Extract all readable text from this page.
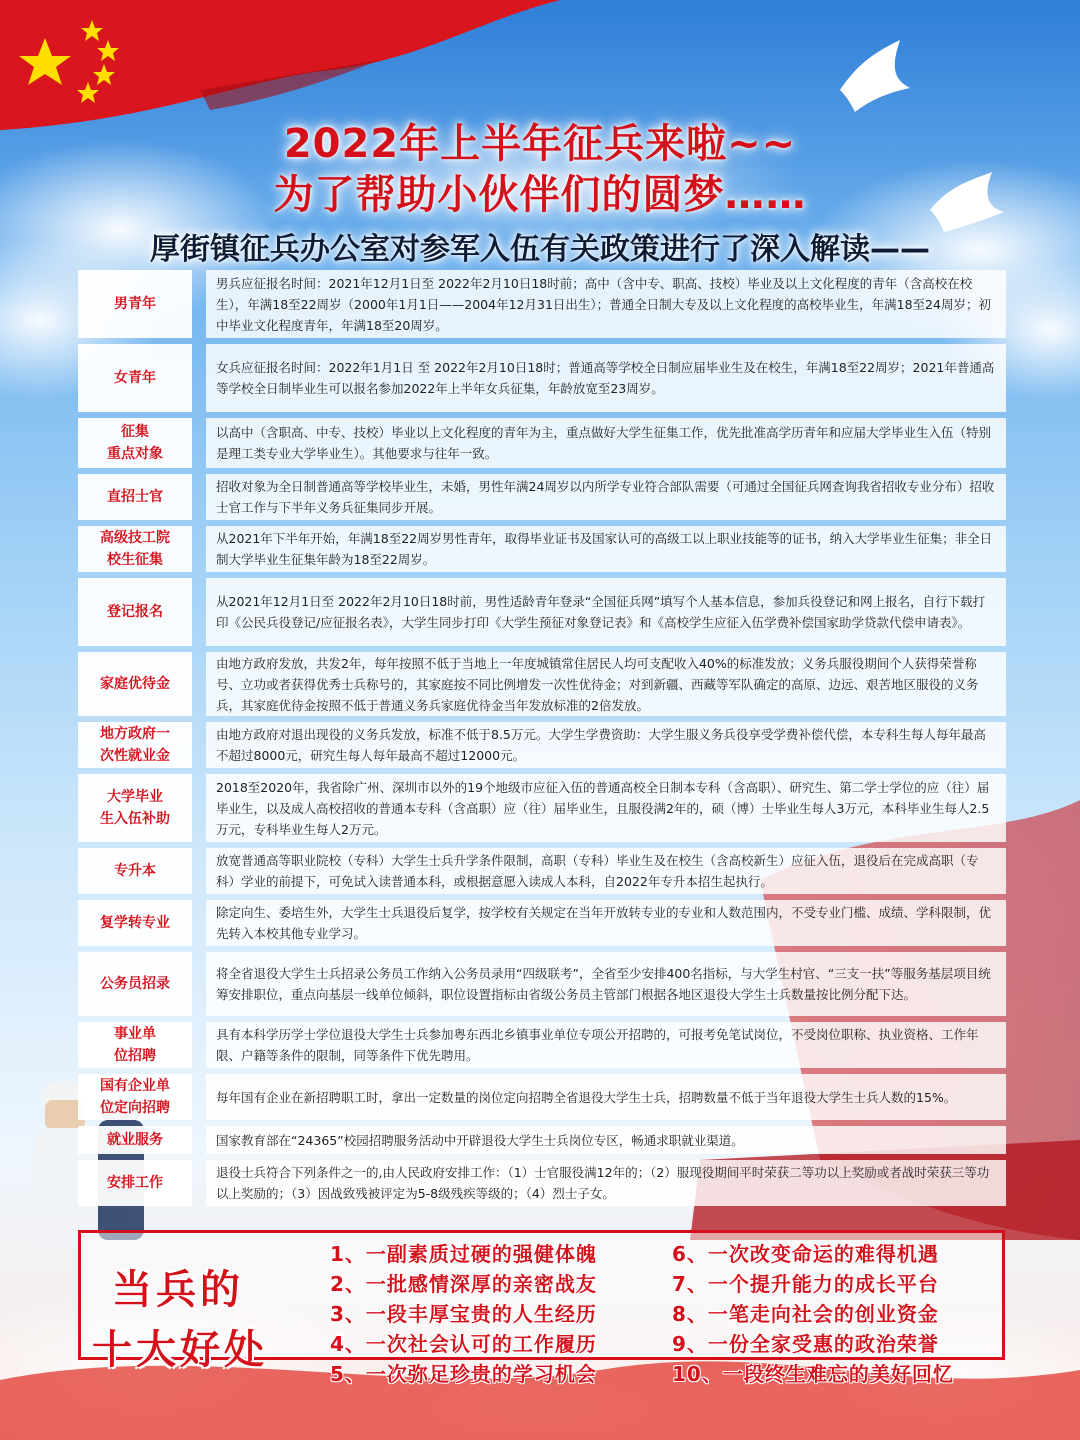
2022年上半年征兵来啦~~
为了帮助小伙伴们的圆梦……
厚街镇征兵办公室对参军入伍有关政策进行了深入解读——
男青年
男兵应征报名时间：2021年12月1日至 2022年2月10日18时前；高中（含中专、职高、技校）毕业及以上文化程度的青年（含高校在校生），年满18至22周岁（2000年1月1日——2004年12月31日出生）；普通全日制大专及以上文化程度的高校毕业生，年满18至24周岁；初中毕业文化程度青年，年满18至20周岁。
女青年
女兵应征报名时间：2022年1月1日 至 2022年2月10日18时；普通高等学校全日制应届毕业生及在校生，年满18至22周岁；2021年普通高等学校全日制毕业生可以报名参加2022年上半年女兵征集，年龄放宽至23周岁。
征集
重点对象
以高中（含职高、中专、技校）毕业以上文化程度的青年为主，重点做好大学生征集工作，优先批准高学历青年和应届大学毕业生入伍（特别是理工类专业大学毕业生）。其他要求与往年一致。
直招士官
招收对象为全日制普通高等学校毕业生，未婚，男性年满24周岁以内所学专业符合部队需要（可通过全国征兵网查询我省招收专业分布）招收士官工作与下半年义务兵征集同步开展。
高级技工院
校生征集
从2021年下半年开始，年满18至22周岁男性青年，取得毕业证书及国家认可的高级工以上职业技能等的证书，纳入大学毕业生征集；非全日制大学毕业生征集年龄为18至22周岁。
登记报名
从2021年12月1日至 2022年2月10日18时前，男性适龄青年登录“全国征兵网”填写个人基本信息，参加兵役登记和网上报名，自行下载打印《公民兵役登记/应征报名表》，大学生同步打印《大学生预征对象登记表》和《高校学生应征入伍学费补偿国家助学贷款代偿申请表》。
家庭优待金
由地方政府发放，共发2年，每年按照不低于当地上一年度城镇常住居民人均可支配收入40%的标准发放；义务兵服役期间个人获得荣誉称号、立功或者获得优秀士兵称号的，其家庭按不同比例增发一次性优待金；对到新疆、西藏等军队确定的高原、边远、艰苦地区服役的义务兵，其家庭优待金按照不低于普通义务兵家庭优待金当年发放标准的2倍发放。
地方政府一
次性就业金
由地方政府对退出现役的义务兵发放，标准不低于8.5万元。大学生学费资助：大学生服义务兵役享受学费补偿代偿，本专科生每人每年最高不超过8000元，研究生每人每年最高不超过12000元。
大学毕业
生入伍补助
2018至2020年，我省除广州、深圳市以外的19个地级市应征入伍的普通高校全日制本专科（含高职）、研究生、第二学士学位的应（往）届毕业生，以及成人高校招收的普通本专科（含高职）应（往）届毕业生，且服役满2年的，硕（博）士毕业生每人3万元，本科毕业生每人2.5万元，专科毕业生每人2万元。
专升本
放宽普通高等职业院校（专科）大学生士兵升学条件限制，高职（专科）毕业生及在校生（含高校新生）应征入伍，退役后在完成高职（专科）学业的前提下，可免试入读普通本科，或根据意愿入读成人本科，自2022年专升本招生起执行。
复学转专业
除定向生、委培生外，大学生士兵退役后复学，按学校有关规定在当年开放转专业的专业和人数范围内，不受专业门槛、成绩、学科限制，优先转入本校其他专业学习。
公务员招录
将全省退役大学生士兵招录公务员工作纳入公务员录用“四级联考”，全省至少安排400名指标，与大学生村官、“三支一扶”等服务基层项目统筹安排职位，重点向基层一线单位倾斜，职位设置指标由省级公务员主管部门根据各地区退役大学生士兵数量按比例分配下达。
事业单
位招聘
具有本科学历学士学位退役大学生士兵参加粤东西北乡镇事业单位专项公开招聘的，可报考免笔试岗位，不受岗位职称、执业资格、工作年限、户籍等条件的限制，同等条件下优先聘用。
国有企业单
位定向招聘
每年国有企业在新招聘职工时，拿出一定数量的岗位定向招聘全省退役大学生士兵，招聘数量不低于当年退役大学生士兵人数的15%。
就业服务	国家教育部在“24365”校园招聘服务活动中开辟退役大学生士兵岗位专区，畅通求职就业渠道。
安排工作
退役士兵符合下列条件之一的,由人民政府安排工作：（1）士官服役满12年的；（2）服现役期间平时荣获二等功以上奖励或者战时荣获三等功以上奖励的；（3）因战致残被评定为5-8级残疾等级的；（4）烈士子女。
当兵的
十大好处
1、一副素质过硬的强健体魄
2、一批感情深厚的亲密战友
3、一段丰厚宝贵的人生经历
4、一次社会认可的工作履历
5、一次弥足珍贵的学习机会
6、一次改变命运的难得机遇
7、一个提升能力的成长平台
8、一笔走向社会的创业资金
9、一份全家受惠的政治荣誉
10、一段终生难忘的美好回忆
